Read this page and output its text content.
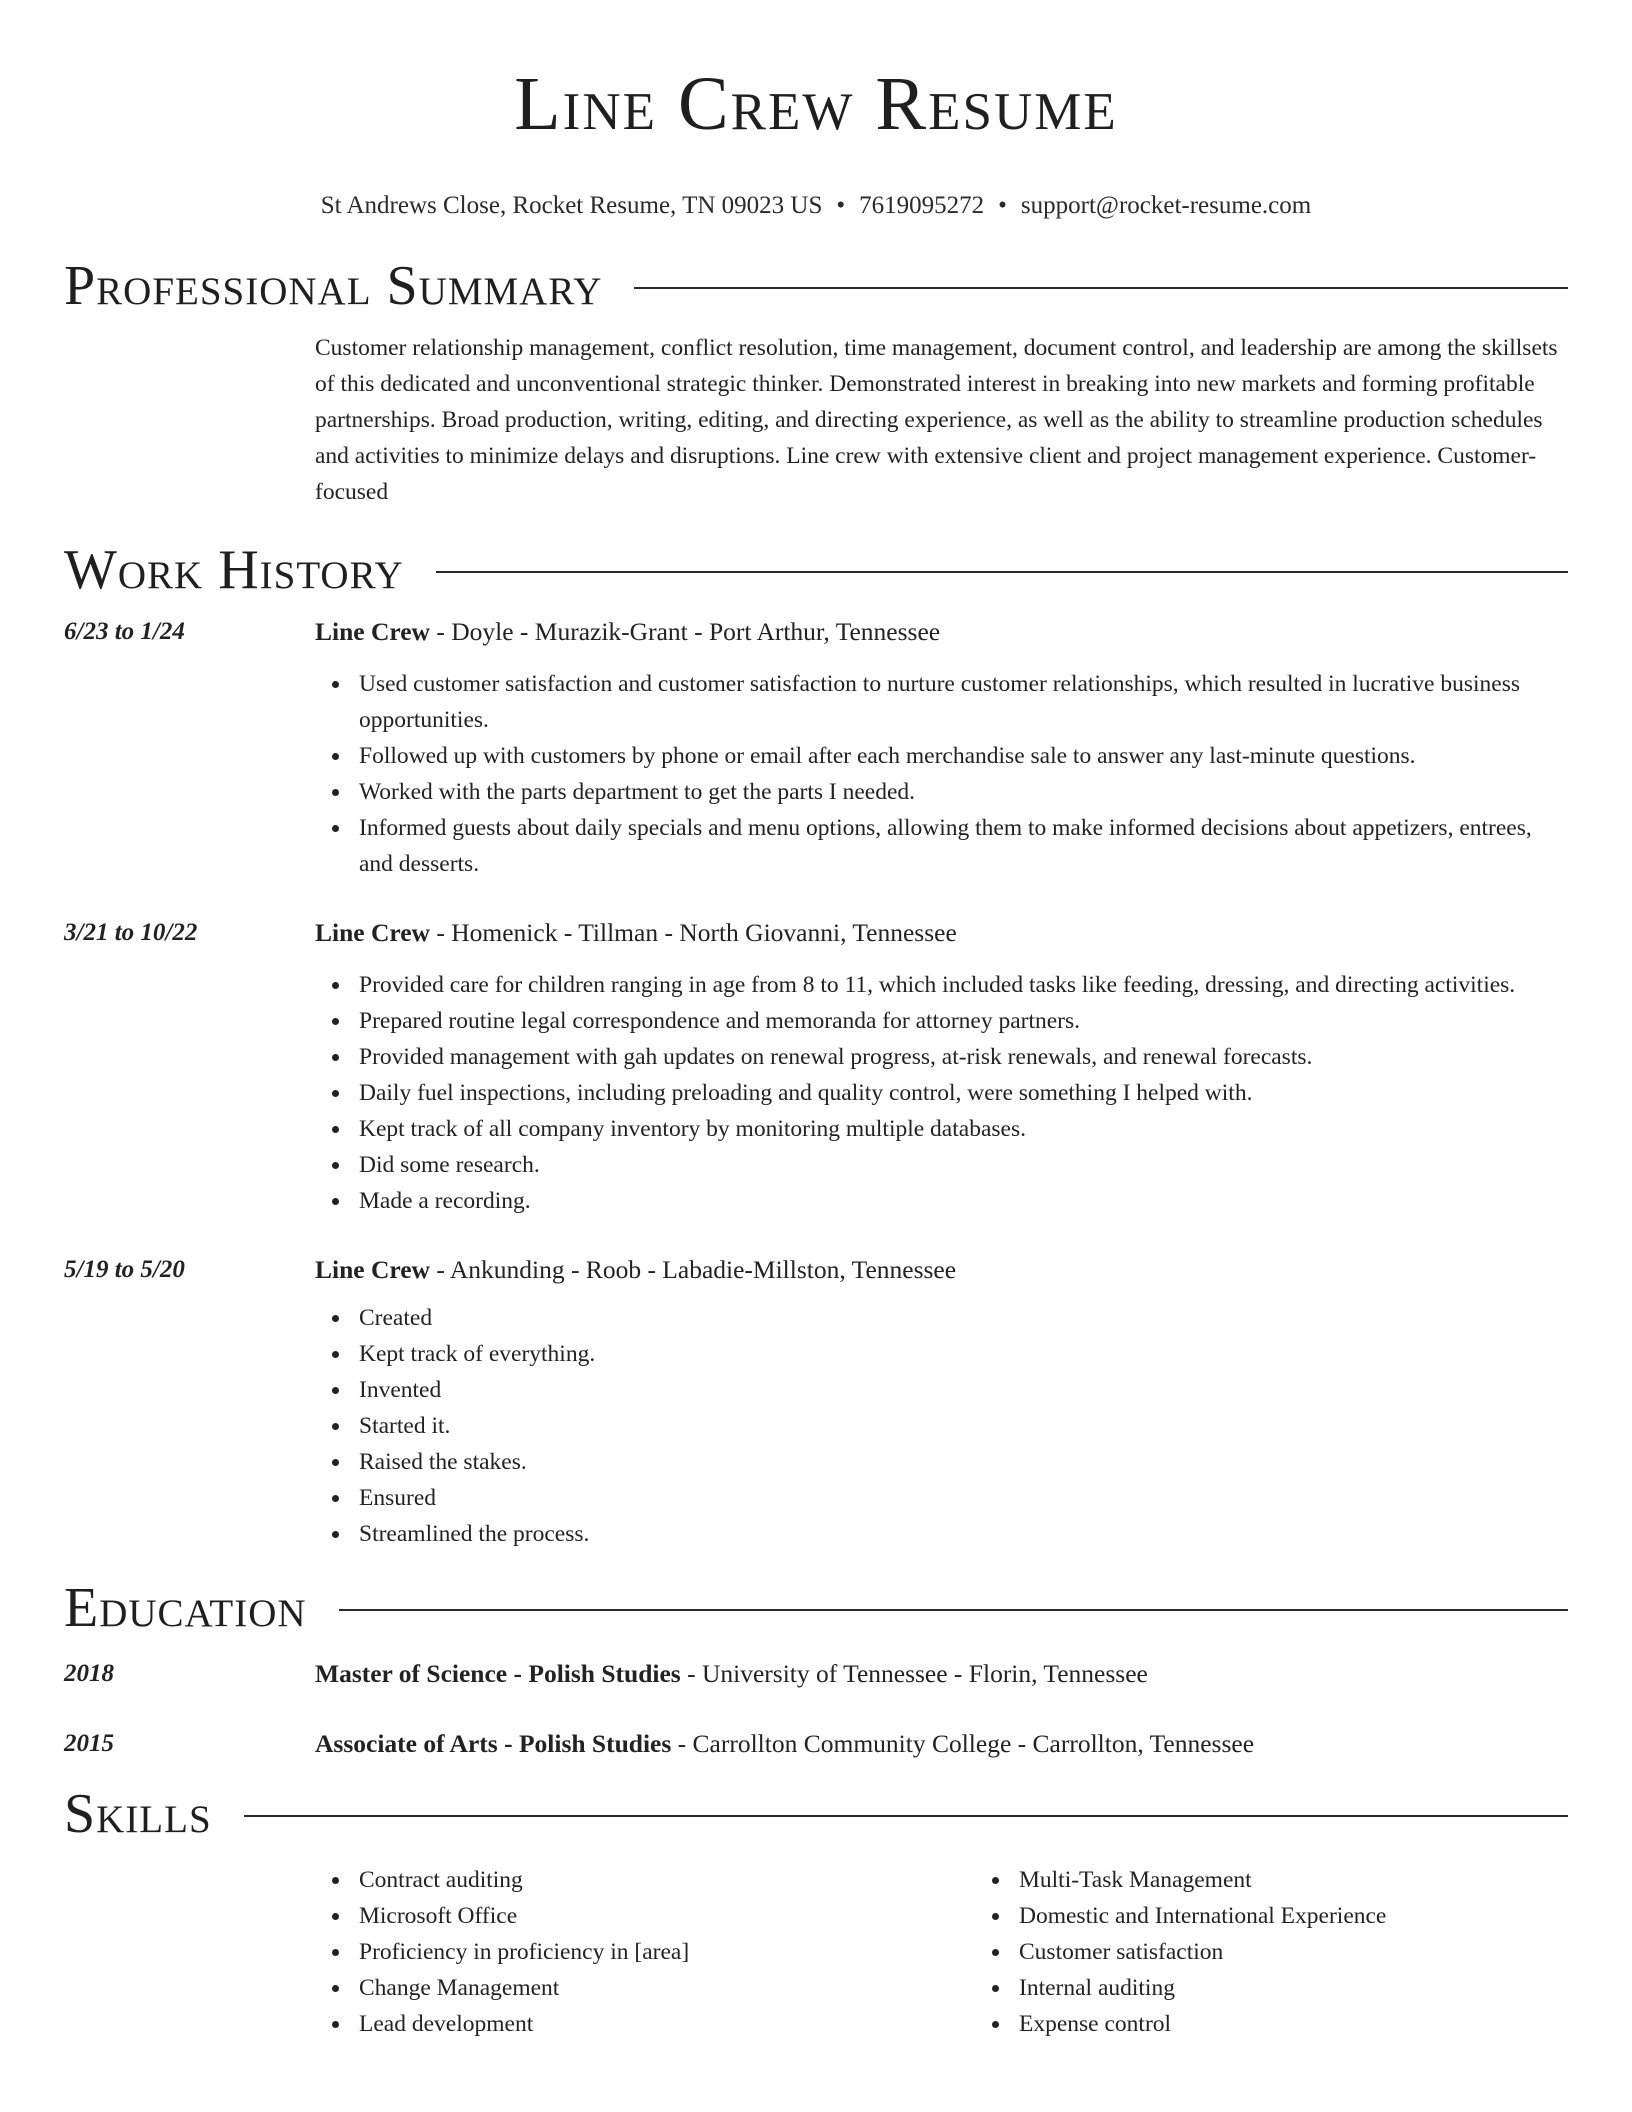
Line Crew Resume
St Andrews Close, Rocket Resume, TN 09023 US • 7619095272 • support@rocket-resume.com
Professional Summary
Customer relationship management, conflict resolution, time management, document control, and leadership are among the skillsets of this dedicated and unconventional strategic thinker. Demonstrated interest in breaking into new markets and forming profitable partnerships. Broad production, writing, editing, and directing experience, as well as the ability to streamline production schedules and activities to minimize delays and disruptions. Line crew with extensive client and project management experience. Customer-focused
Work History
6/23 to 1/24	Line Crew - Doyle - Murazik-Grant - Port Arthur, Tennessee
Used customer satisfaction and customer satisfaction to nurture customer relationships, which resulted in lucrative business opportunities.
Followed up with customers by phone or email after each merchandise sale to answer any last-minute questions.
Worked with the parts department to get the parts I needed.
Informed guests about daily specials and menu options, allowing them to make informed decisions about appetizers, entrees, and desserts.
3/21 to 10/22	Line Crew - Homenick - Tillman - North Giovanni, Tennessee
Provided care for children ranging in age from 8 to 11, which included tasks like feeding, dressing, and directing activities.
Prepared routine legal correspondence and memoranda for attorney partners.
Provided management with gah updates on renewal progress, at-risk renewals, and renewal forecasts.
Daily fuel inspections, including preloading and quality control, were something I helped with.
Kept track of all company inventory by monitoring multiple databases.
Did some research.
Made a recording.
5/19 to 5/20	Line Crew - Ankunding - Roob - Labadie-Millston, Tennessee
Created
Kept track of everything.
Invented
Started it.
Raised the stakes.
Ensured
Streamlined the process.
Education
2018	Master of Science - Polish Studies - University of Tennessee - Florin, Tennessee
2015	Associate of Arts - Polish Studies - Carrollton Community College - Carrollton, Tennessee
Skills
Contract auditing
Microsoft Office
Proficiency in proficiency in [area]
Change Management
Lead development
Multi-Task Management
Domestic and International Experience
Customer satisfaction
Internal auditing
Expense control
